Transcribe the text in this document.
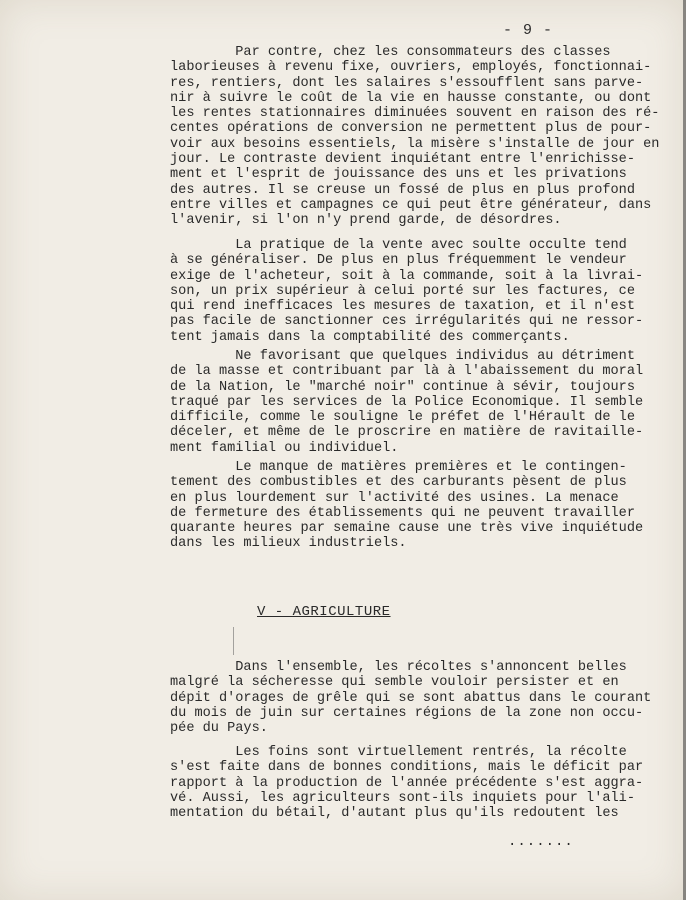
- 9 -
Par contre, chez les consommateurs des classes
laborieuses à revenu fixe, ouvriers, employés, fonctionnai-
res, rentiers, dont les salaires s'essoufflent sans parve-
nir à suivre le coût de la vie en hausse constante, ou dont
les rentes stationnaires diminuées souvent en raison des ré-
centes opérations de conversion ne permettent plus de pour-
voir aux besoins essentiels, la misère s'installe de jour en
jour. Le contraste devient inquiétant entre l'enrichisse-
ment et l'esprit de jouissance des uns et les privations
des autres. Il se creuse un fossé de plus en plus profond
entre villes et campagnes ce qui peut être générateur, dans
l'avenir, si l'on n'y prend garde, de désordres.
La pratique de la vente avec soulte occulte tend
à se généraliser. De plus en plus fréquemment le vendeur
exige de l'acheteur, soit à la commande, soit à la livrai-
son, un prix supérieur à celui porté sur les factures, ce
qui rend inefficaces les mesures de taxation, et il n'est
pas facile de sanctionner ces irrégularités qui ne ressor-
tent jamais dans la comptabilité des commerçants.
Ne favorisant que quelques individus au détriment
de la masse et contribuant par là à l'abaissement du moral
de la Nation, le "marché noir" continue à sévir, toujours
traqué par les services de la Police Economique. Il semble
difficile, comme le souligne le préfet de l'Hérault de le
déceler, et même de le proscrire en matière de ravitaille-
ment familial ou individuel.
Le manque de matières premières et le contingen-
tement des combustibles et des carburants pèsent de plus
en plus lourdement sur l'activité des usines. La menace
de fermeture des établissements qui ne peuvent travailler
quarante heures par semaine cause une très vive inquiétude
dans les milieux industriels.
V - AGRICULTURE
Dans l'ensemble, les récoltes s'annoncent belles
malgré la sécheresse qui semble vouloir persister et en
dépit d'orages de grêle qui se sont abattus dans le courant
du mois de juin sur certaines régions de la zone non occu-
pée du Pays.
Les foins sont virtuellement rentrés, la récolte
s'est faite dans de bonnes conditions, mais le déficit par
rapport à la production de l'année précédente s'est aggra-
vé. Aussi, les agriculteurs sont-ils inquiets pour l'ali-
mentation du bétail, d'autant plus qu'ils redoutent les
.......
